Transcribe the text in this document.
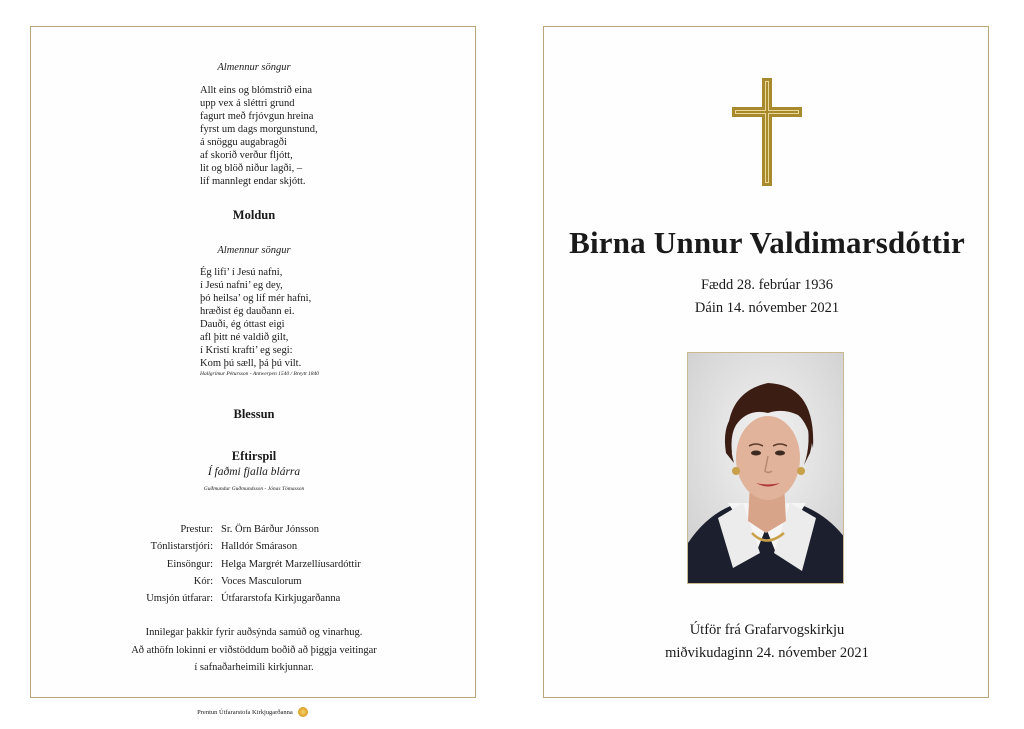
Almennur söngur
Allt eins og blómstrið eina
upp vex á sléttri grund
fagurt með frjóvgun hreina
fyrst um dags morgunstund,
á snöggu augabragði
af skorið verður fljótt,
lit og blöð niður lagði, –
líf mannlegt endar skjótt.
Moldun
Almennur söngur
Ég lifi’ í Jesú nafni,
í Jesú nafni’ eg dey,
þó heilsa’ og líf mér hafni,
hræðist ég dauðann ei.
Dauði, ég óttast eigi
afl þitt né valdið gilt,
í Kristí krafti’ eg segi:
Kom þú sæll, þá þú vilt.
Hallgrímur Pétursson - Antwerpen 1540 / Breytt 1840
Blessun
Eftirspil
Í faðmi fjalla blárra
Guðmundur Guðmundsson - Jónas Tómasson
Prestur: Sr. Örn Bárður Jónsson
Tónlistarstjóri: Halldór Smárason
Einsöngur: Helga Margrét Marzellíusardóttir
Kór: Voces Masculorum
Umsjón útfarar: Útfararstofa Kirkjugarðanna
Innilegar þakkir fyrir auðsýnda samúð og vinarhug.
Að athöfn lokinni er viðstöddum boðið að þiggja veitingar
í safnaðarheimili kirkjunnar.
Prentun Útfararstofa Kirkjugarðanna
Birna Unnur Valdimarsdóttir
Fædd 28. febrúar 1936
Dáin 14. nóvember 2021
Útför frá Grafarvogskirkju
miðvikudaginn 24. nóvember 2021
